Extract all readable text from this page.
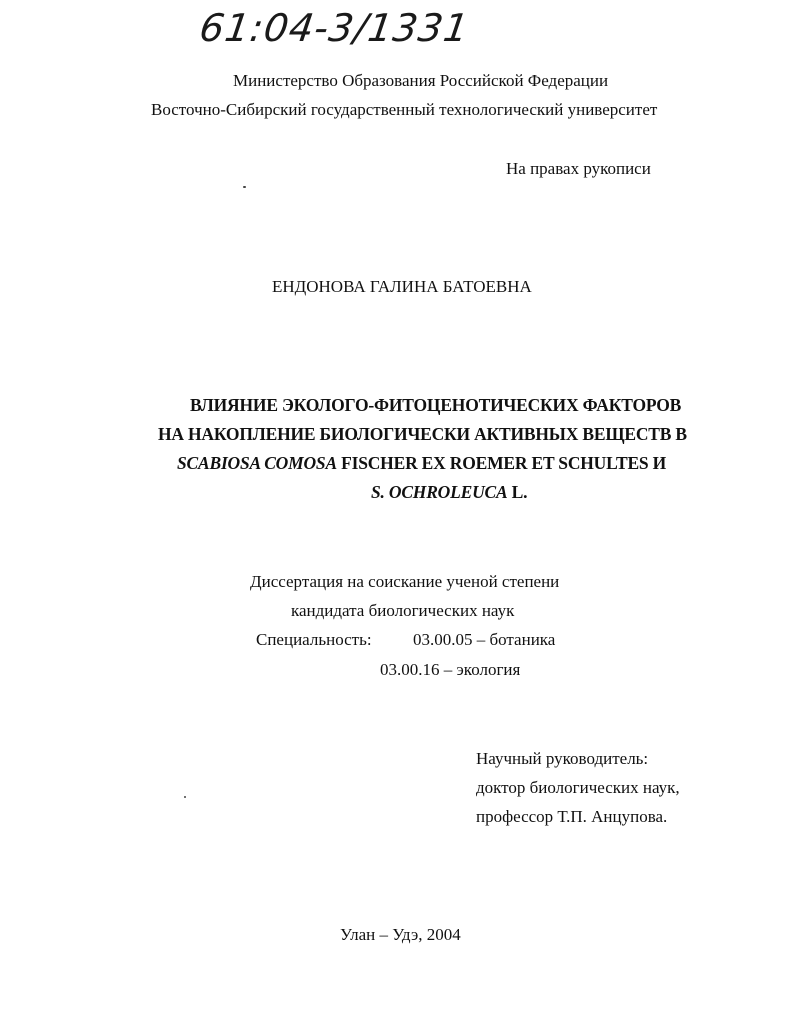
61:04-3/1331
Министерство Образования Российской Федерации
Восточно-Сибирский государственный технологический университет
На правах рукописи
ЕНДОНОВА ГАЛИНА БАТОЕВНА
ВЛИЯНИЕ ЭКОЛОГО-ФИТОЦЕНОТИЧЕСКИХ ФАКТОРОВ
НА НАКОПЛЕНИЕ БИОЛОГИЧЕСКИ АКТИВНЫХ ВЕЩЕСТВ В
SCABIOSA COMOSA FISCHER EX ROEMER ET SCHULTES И
S. OCHROLEUCA L.
Диссертация на соискание ученой степени
кандидата биологических наук
Специальность: 03.00.05 – ботаника
03.00.16 – экология
Научный руководитель:
доктор биологических наук,
профессор Т.П. Анцупова.
Улан – Удэ, 2004
